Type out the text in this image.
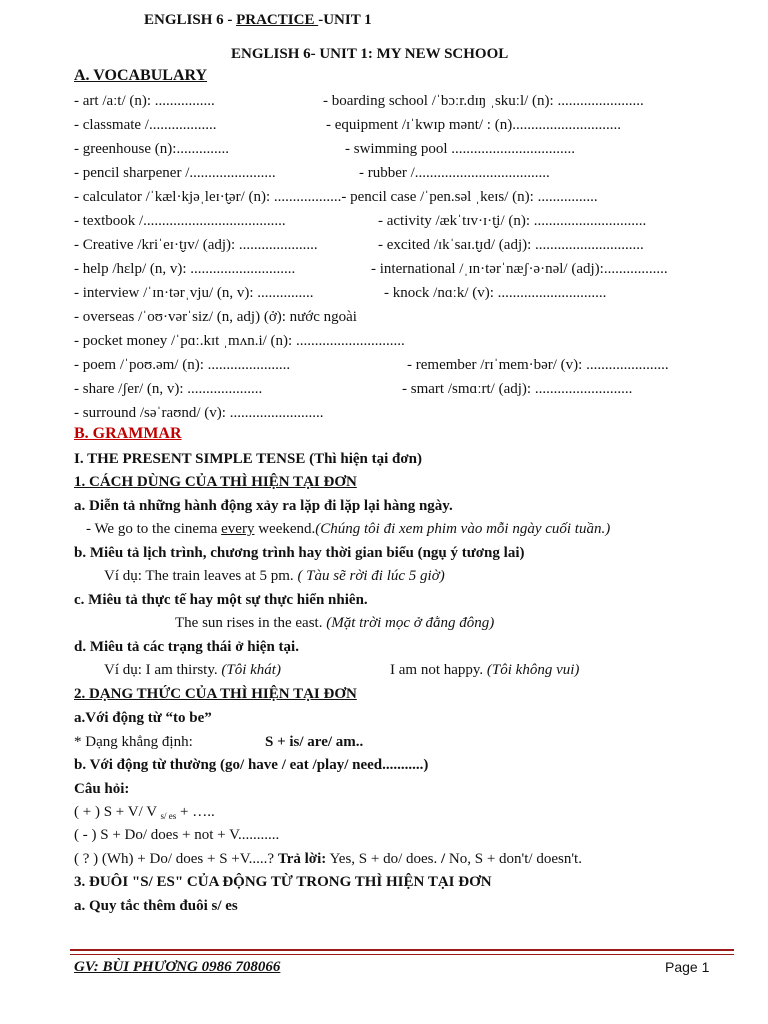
ENGLISH 6 - PRACTICE -UNIT 1
ENGLISH 6- UNIT 1: MY NEW SCHOOL
A. VOCABULARY
- art /aːt/ (n): ................	- boarding school /ˈbɔːr.dɪŋ ˌskuːl/ (n): .......................
- classmate /..................	- equipment /ɪˈkwɪp mənt/ : (n).............................
- greenhouse (n):..............	- swimming pool .................................
- pencil sharpener /.......................	- rubber /....................................
- calculator /ˈkæl·kjəˌleɪ·t̬ər/ (n): ..................- pencil case /ˈpen.səl ˌkeɪs/ (n): ................
- textbook /......................................	- activity /ækˈtɪv·ɪ·t̬i/ (n): ..............................
- Creative /kriˈeɪ·t̬ɪv/ (adj): .....................	- excited /ɪkˈsaɪ.t̬ɪd/ (adj): .............................
- help /hɛlp/ (n, v): ............................	- international /ˌɪn·tərˈnæʃ·ə·nəl/ (adj):.................
- interview /ˈɪn·tərˌvju/ (n, v): ...............	- knock /nɑːk/ (v): .............................
- overseas /ˈoʊ·vərˈsiz/ (n, adj) (ở): nước ngoài
- pocket money /ˈpɑː.kɪt ˌmʌn.i/ (n): .............................
- poem /ˈpoʊ.əm/ (n): ......................	- remember /rɪˈmem·bər/ (v): ......................
- share /ʃer/ (n, v): ....................	- smart /smɑːrt/ (adj): ..........................
- surround /səˈraʊnd/ (v): .........................
B. GRAMMAR
I. THE PRESENT SIMPLE TENSE (Thì hiện tại đơn)
1. CÁCH DÙNG CỦA THÌ HIỆN TẠI ĐƠN
a. Diễn tả những hành động xảy ra lặp đi lặp lại hàng ngày.
- We go to the cinema every weekend.(Chúng tôi đi xem phim vào mỗi ngày cuối tuần.)
b. Miêu tả lịch trình, chương trình hay thời gian biểu (ngụ ý tương lai)
Ví dụ: The train leaves at 5 pm. ( Tàu sẽ rời đi lúc 5 giờ)
c. Miêu tả thực tế hay một sự thực hiển nhiên.
The sun rises in the east. (Mặt trời mọc ở đằng đông)
d. Miêu tả các trạng thái ở hiện tại.
Ví dụ: I am thirsty. (Tôi khát)	I am not happy. (Tôi không vui)
2. DẠNG THỨC CỦA THÌ HIỆN TẠI ĐƠN
a.Với động từ “to be”
* Dạng khẳng định:	S + is/ are/ am..
b. Với động từ thường (go/ have / eat /play/ need...........)
Câu hỏi:
( + ) S + V/ V $_{s/ es}$ + …..
( - ) S + Do/ does + not + V...........
( ? ) (Wh) + Do/ does + S +V.....? Trả lời: Yes, S + do/ does. / No, S + don't/ doesn't.
3. ĐUÔI "S/ ES" CỦA ĐỘNG TỪ TRONG THÌ HIỆN TẠI ĐƠN
a. Quy tắc thêm đuôi s/ es
GV: BÙI PHƯƠNG 0986 708066	Page 1
